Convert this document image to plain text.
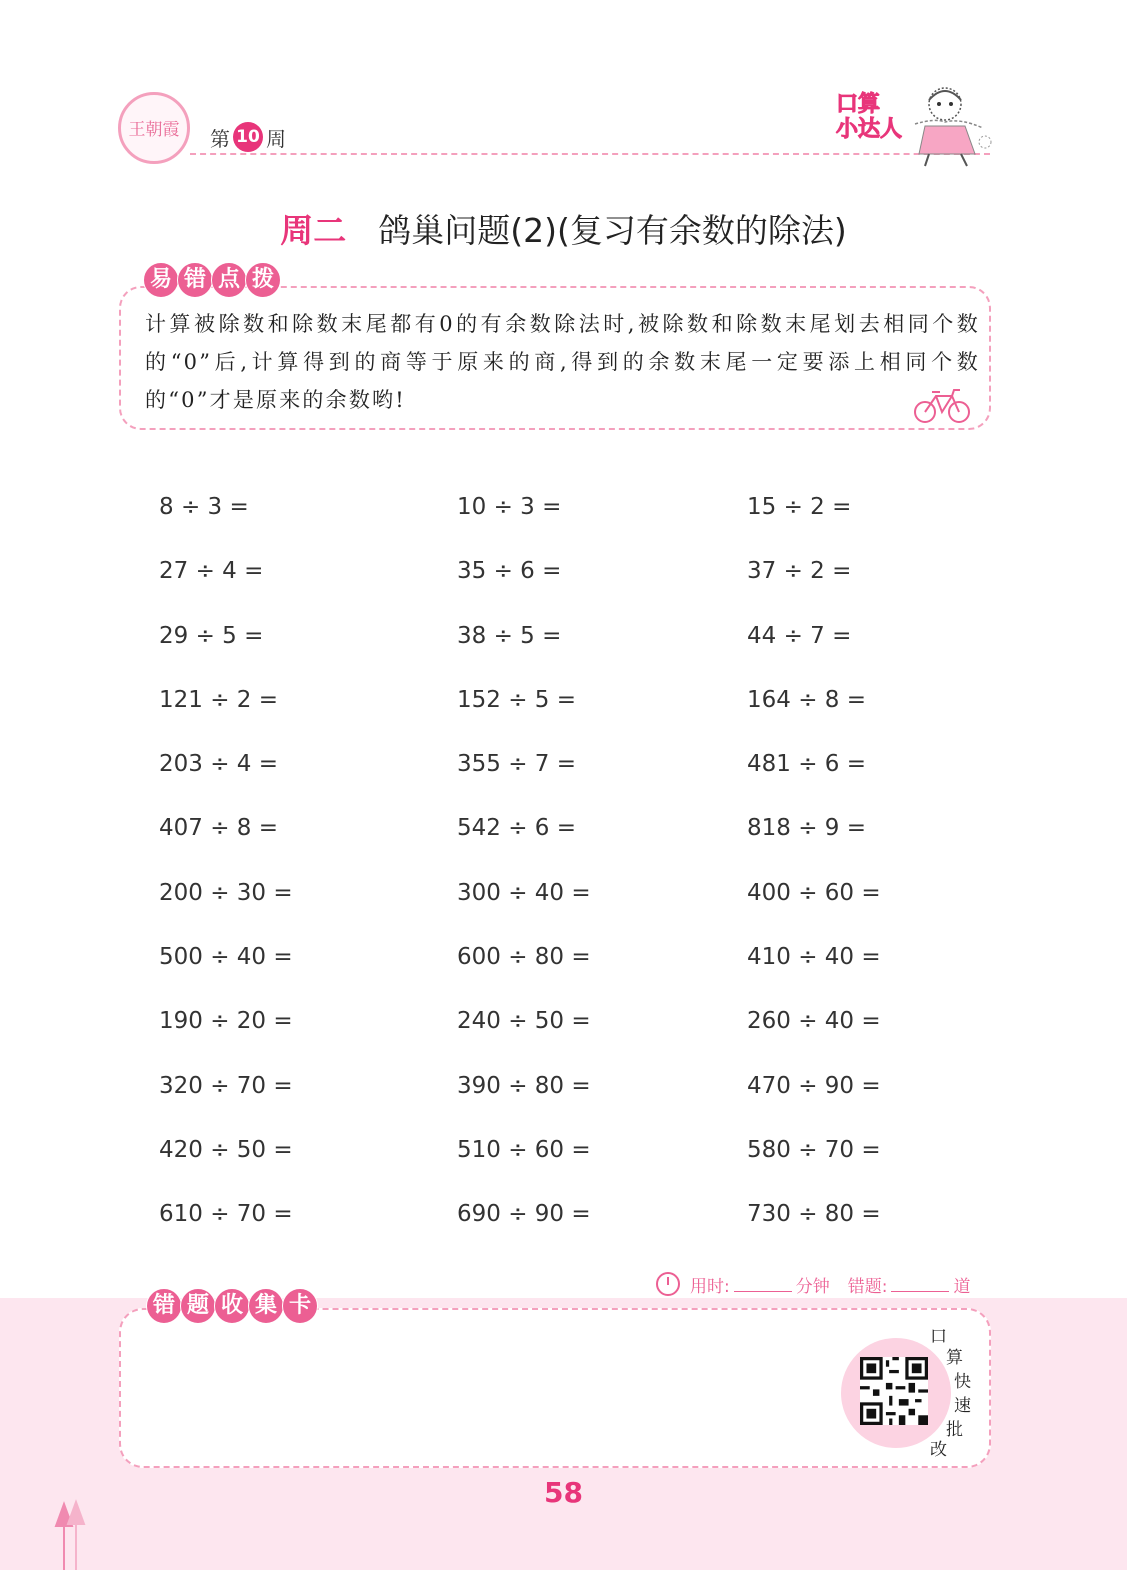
王朝霞	第 10 周
口算
小达人
周二 鸽巢问题(2)(复习有余数的除法)
易 错 点 拨
计算被除数和除数末尾都有0的有余数除法时,被除数和除数末尾划去相同个数的“0”后,计算得到的商等于原来的商,得到的余数末尾一定要添上相同个数的“0”才是原来的余数哟!
8 ÷ 3 =	10 ÷ 3 =	15 ÷ 2 =
27 ÷ 4 =	35 ÷ 6 =	37 ÷ 2 =
29 ÷ 5 =	38 ÷ 5 =	44 ÷ 7 =
121 ÷ 2 =	152 ÷ 5 =	164 ÷ 8 =
203 ÷ 4 =	355 ÷ 7 =	481 ÷ 6 =
407 ÷ 8 =	542 ÷ 6 =	818 ÷ 9 =
200 ÷ 30 =	300 ÷ 40 =	400 ÷ 60 =
500 ÷ 40 =	600 ÷ 80 =	410 ÷ 40 =
190 ÷ 20 =	240 ÷ 50 =	260 ÷ 40 =
320 ÷ 70 =	390 ÷ 80 =	470 ÷ 90 =
420 ÷ 50 =	510 ÷ 60 =	580 ÷ 70 =
610 ÷ 70 =	690 ÷ 90 =	730 ÷ 80 =
用时:	分钟 错题:	道
错 题 收 集 卡
口
算
快
速
批
改
58
